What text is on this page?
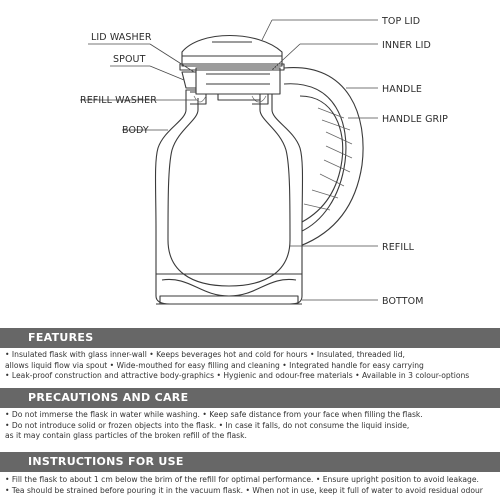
TOP LID
LID WASHER
INNER LID
SPOUT
HANDLE
REFILL WASHER
HANDLE GRIP
BODY
REFILL
BOTTOM
FEATURES
• Insulated flask with glass inner-wall • Keeps beverages hot and cold for hours • Insulated, threaded lid,
allows liquid flow via spout • Wide-mouthed for easy filling and cleaning • Integrated handle for easy carrying
• Leak-proof construction and attractive body-graphics • Hygienic and odour-free materials • Available in 3 colour-options
PRECAUTIONS AND CARE
• Do not immerse the flask in water while washing. • Keep safe distance from your face when filling the flask.
• Do not introduce solid or frozen objects into the flask. • In case it falls, do not consume the liquid inside,
as it may contain glass particles of the broken refill of the flask.
INSTRUCTIONS FOR USE
• Fill the flask to about 1 cm below the brim of the refill for optimal performance. • Ensure upright position to avoid leakage.
• Tea should be strained before pouring it in the vacuum flask. • When not in use, keep it full of water to avoid residual odour
